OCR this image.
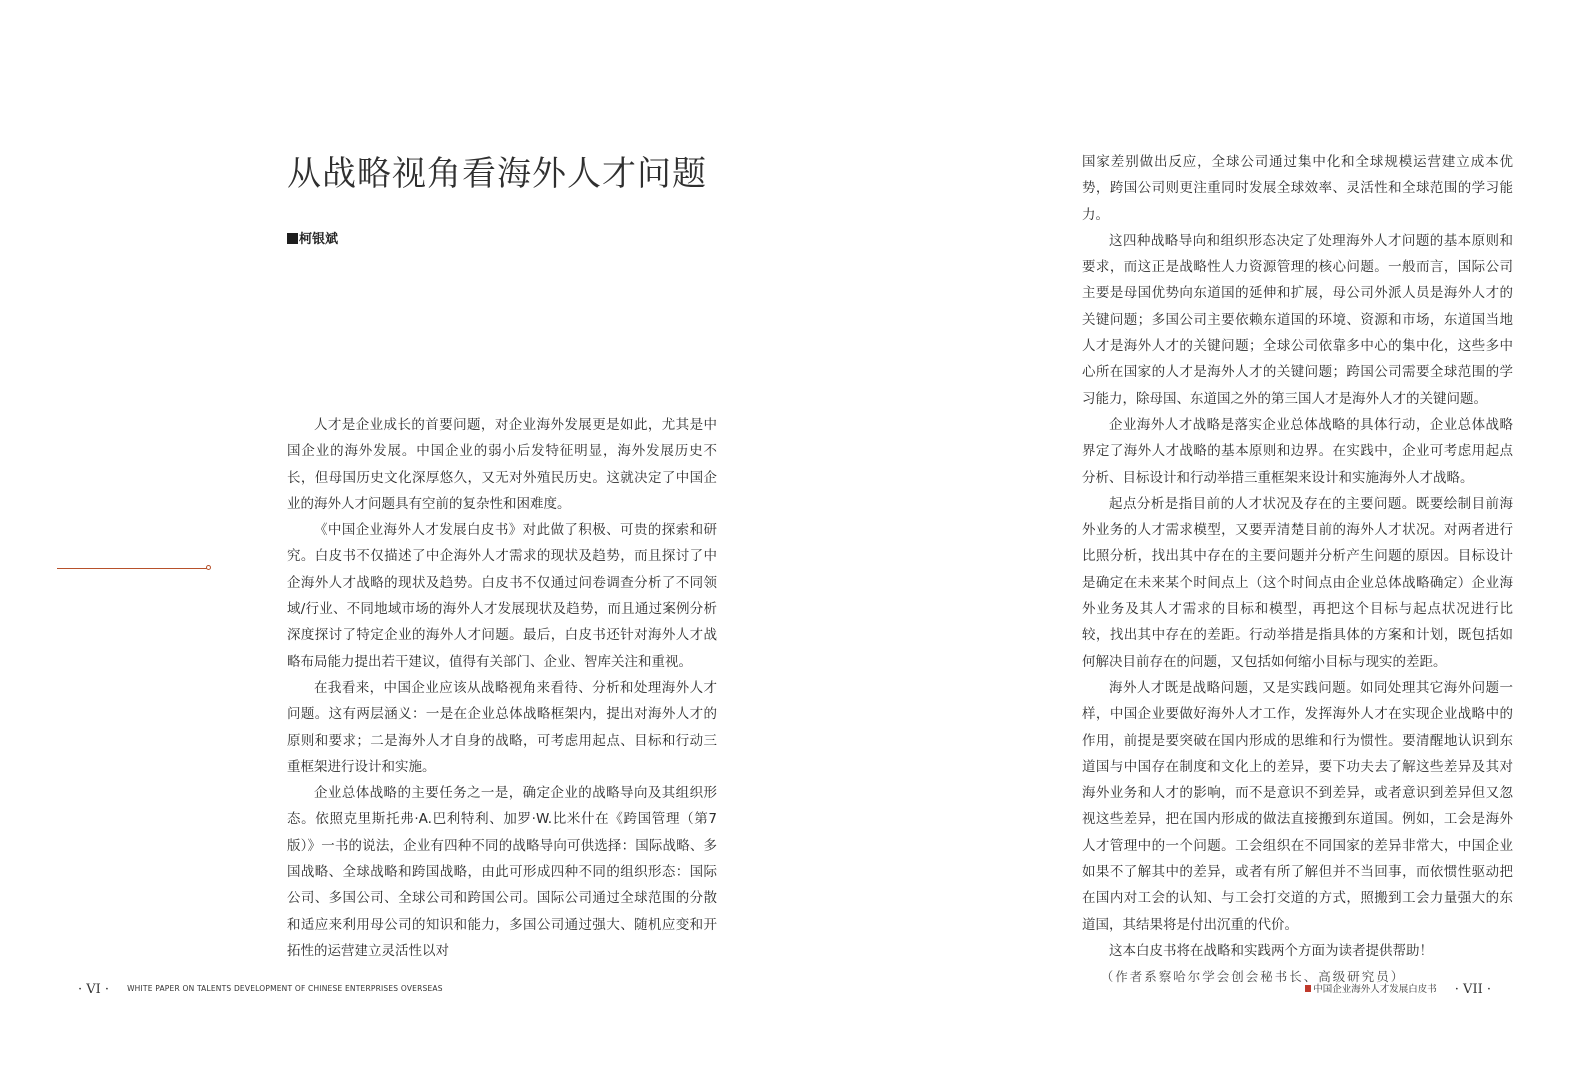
从战略视角看海外人才问题
柯银斌

人才是企业成长的首要问题，对企业海外发展更是如此，尤其是中国企业的海外发展。中国企业的弱小后发特征明显，海外发展历史不长，但母国历史文化深厚悠久，又无对外殖民历史。这就决定了中国企业的海外人才问题具有空前的复杂性和困难度。

《中国企业海外人才发展白皮书》对此做了积极、可贵的探索和研究。白皮书不仅描述了中企海外人才需求的现状及趋势，而且探讨了中企海外人才战略的现状及趋势。白皮书不仅通过问卷调查分析了不同领域/行业、不同地域市场的海外人才发展现状及趋势，而且通过案例分析深度探讨了特定企业的海外人才问题。最后，白皮书还针对海外人才战略布局能力提出若干建议，值得有关部门、企业、智库关注和重视。

在我看来，中国企业应该从战略视角来看待、分析和处理海外人才问题。这有两层涵义：一是在企业总体战略框架内，提出对海外人才的原则和要求；二是海外人才自身的战略，可考虑用起点、目标和行动三重框架进行设计和实施。

企业总体战略的主要任务之一是，确定企业的战略导向及其组织形态。依照克里斯托弗·A.巴利特利、加罗·W.比米什在《跨国管理（第7版）》一书的说法，企业有四种不同的战略导向可供选择：国际战略、多国战略、全球战略和跨国战略，由此可形成四种不同的组织形态：国际公司、多国公司、全球公司和跨国公司。国际公司通过全球范围的分散和适应来利用母公司的知识和能力，多国公司通过强大、随机应变和开拓性的运营建立灵活性以对

国家差别做出反应，全球公司通过集中化和全球规模运营建立成本优势，跨国公司则更注重同时发展全球效率、灵活性和全球范围的学习能力。

这四种战略导向和组织形态决定了处理海外人才问题的基本原则和要求，而这正是战略性人力资源管理的核心问题。一般而言，国际公司主要是母国优势向东道国的延伸和扩展，母公司外派人员是海外人才的关键问题；多国公司主要依赖东道国的环境、资源和市场，东道国当地人才是海外人才的关键问题；全球公司依靠多中心的集中化，这些多中心所在国家的人才是海外人才的关键问题；跨国公司需要全球范围的学习能力，除母国、东道国之外的第三国人才是海外人才的关键问题。

企业海外人才战略是落实企业总体战略的具体行动，企业总体战略界定了海外人才战略的基本原则和边界。在实践中，企业可考虑用起点分析、目标设计和行动举措三重框架来设计和实施海外人才战略。

起点分析是指目前的人才状况及存在的主要问题。既要绘制目前海外业务的人才需求模型，又要弄清楚目前的海外人才状况。对两者进行比照分析，找出其中存在的主要问题并分析产生问题的原因。目标设计是确定在未来某个时间点上（这个时间点由企业总体战略确定）企业海外业务及其人才需求的目标和模型，再把这个目标与起点状况进行比较，找出其中存在的差距。行动举措是指具体的方案和计划，既包括如何解决目前存在的问题，又包括如何缩小目标与现实的差距。

海外人才既是战略问题，又是实践问题。如同处理其它海外问题一样，中国企业要做好海外人才工作，发挥海外人才在实现企业战略中的作用，前提是要突破在国内形成的思维和行为惯性。要清醒地认识到东道国与中国存在制度和文化上的差异，要下功夫去了解这些差异及其对海外业务和人才的影响，而不是意识不到差异，或者意识到差异但又忽视这些差异，把在国内形成的做法直接搬到东道国。例如，工会是海外人才管理中的一个问题。工会组织在不同国家的差异非常大，中国企业如果不了解其中的差异，或者有所了解但并不当回事，而依惯性驱动把在国内对工会的认知、与工会打交道的方式，照搬到工会力量强大的东道国，其结果将是付出沉重的代价。

这本白皮书将在战略和实践两个方面为读者提供帮助！

（作者系察哈尔学会创会秘书长、高级研究员）

· VI · WHITE PAPER ON TALENTS DEVELOPMENT OF CHINESE ENTERPRISES OVERSEAS	中国企业海外人才发展白皮书 · VII ·
